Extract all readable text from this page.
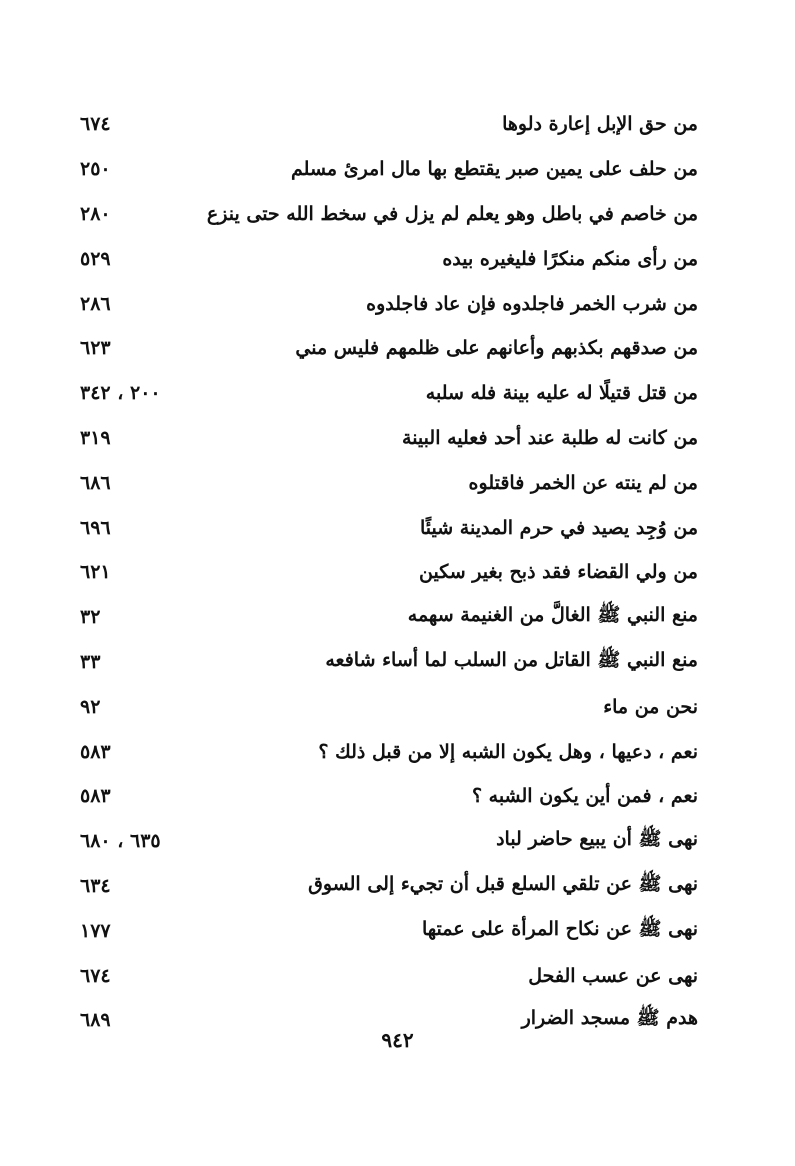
من حق الإبل إعارة دلوها
٦٧٤
من حلف على يمين صبر يقتطع بها مال امرئ مسلم
٢٥٠
من خاصم في باطل وهو يعلم لم يزل في سخط الله حتى ينزع
٢٨٠
من رأى منكم منكرًا فليغيره بيده
٥٢٩
من شرب الخمر فاجلدوه فإن عاد فاجلدوه
٢٨٦
من صدقهم بكذبهم وأعانهم على ظلمهم فليس مني
٦٢٣
من قتل قتيلًا له عليه بينة فله سلبه
٢٠٠ ، ٣٤٢
من كانت له طلبة عند أحد فعليه البينة
٣١٩
من لم ينته عن الخمر فاقتلوه
٦٨٦
من وُجِد يصيد في حرم المدينة شيئًا
٦٩٦
من ولي القضاء فقد ذبح بغير سكين
٦٢١
منع النبي ﷺ الغالَّ من الغنيمة سهمه
٣٢
منع النبي ﷺ القاتل من السلب لما أساء شافعه
٣٣
نحن من ماء
٩٢
نعم ، دعيها ، وهل يكون الشبه إلا من قبل ذلك ؟
٥٨٣
نعم ، فمن أين يكون الشبه ؟
٥٨٣
نهى ﷺ أن يبيع حاضر لباد
٦٣٥ ، ٦٨٠
نهى ﷺ عن تلقي السلع قبل أن تجيء إلى السوق
٦٣٤
نهى ﷺ عن نكاح المرأة على عمتها
١٧٧
نهى عن عسب الفحل
٦٧٤
هدم ﷺ مسجد الضرار
٦٨٩
٩٤٢
